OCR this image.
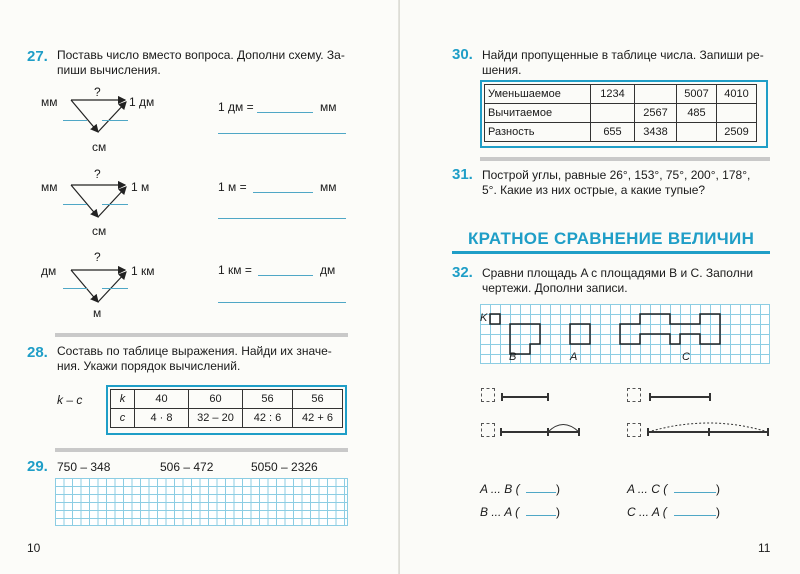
27. Поставь число вместо вопроса. Дополни схему. За-
пиши вычисления.
мм
?
1 дм
см
1 дм =	мм
мм
?
1 м
см
1 м =	мм
дм
?
1 км
м
1 км =	дм
28. Составь по таблице выражения. Найди их значе-
ния. Укажи порядок вычислений.
k – c	k	40	60	56	56
c	4 · 8	32 – 20	42 : 6	42 + 6
29. 750 – 348	506 – 472	5050 – 2326
10
30. Найди пропущенные в таблице числа. Запиши ре-
шения.
Уменьшаемое	1234		5007	4010
Вычитаемое		2567	485	
Разность	655	3438		2509
31. Построй углы, равные 26°, 153°, 75°, 200°, 178°,
5°. Какие из них острые, а какие тупые?
КРАТНОЕ СРАВНЕНИЕ ВЕЛИЧИН
32. Сравни площадь A с площадями B и C. Заполни
чертежи. Дополни записи.
K
B	A	C
A ... B (	)	A ... C (	)
B ... A (	)	C ... A (	)
11
